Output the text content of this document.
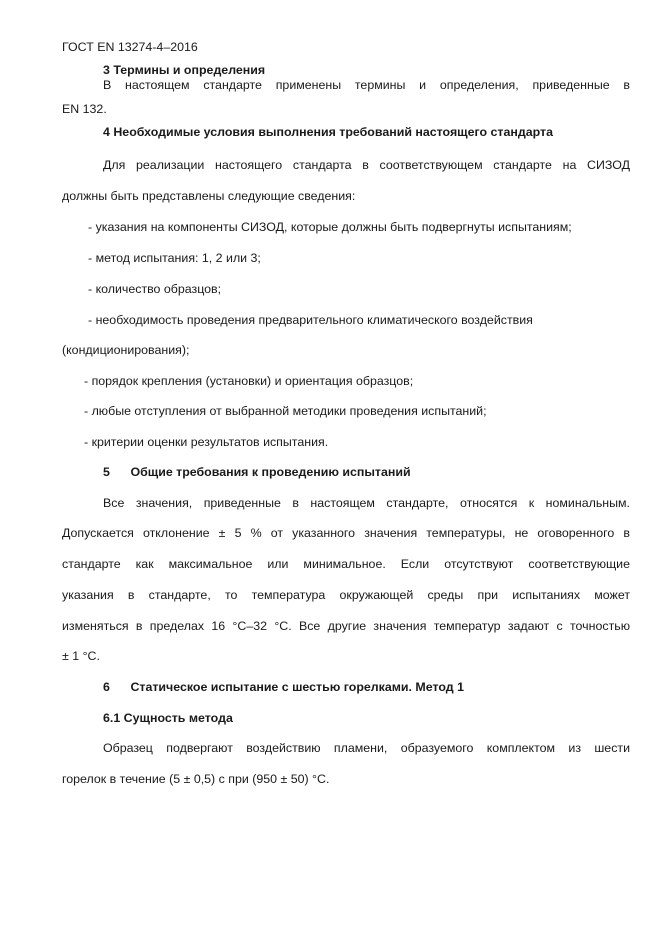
ГОСТ EN 13274-4–2016
3 Термины и определения
В настоящем стандарте применены термины и определения, приведенные в
EN 132.
4 Необходимые условия выполнения требований настоящего стандарта
Для реализации настоящего стандарта в соответствующем стандарте на СИЗОД
должны быть представлены следующие сведения:
- указания на компоненты СИЗОД, которые должны быть подвергнуты испытаниям;
- метод испытания: 1, 2 или 3;
- количество образцов;
- необходимость проведения предварительного климатического воздействия
(кондиционирования);
- порядок крепления (установки) и ориентация образцов;
- любые отступления от выбранной методики проведения испытаний;
- критерии оценки результатов испытания.
5 Общие требования к проведению испытаний
Все значения, приведенные в настоящем стандарте, относятся к номинальным.
Допускается отклонение ± 5 % от указанного значения температуры, не оговоренного в
стандарте как максимальное или минимальное. Если отсутствуют соответствующие
указания в стандарте, то температура окружающей среды при испытаниях может
изменяться в пределах 16 °С–32 °С. Все другие значения температур задают с точностью
± 1 °С.
6 Статическое испытание с шестью горелками. Метод 1
6.1 Сущность метода
Образец подвергают воздействию пламени, образуемого комплектом из шести
горелок в течение (5 ± 0,5) с при (950 ± 50) °С.
